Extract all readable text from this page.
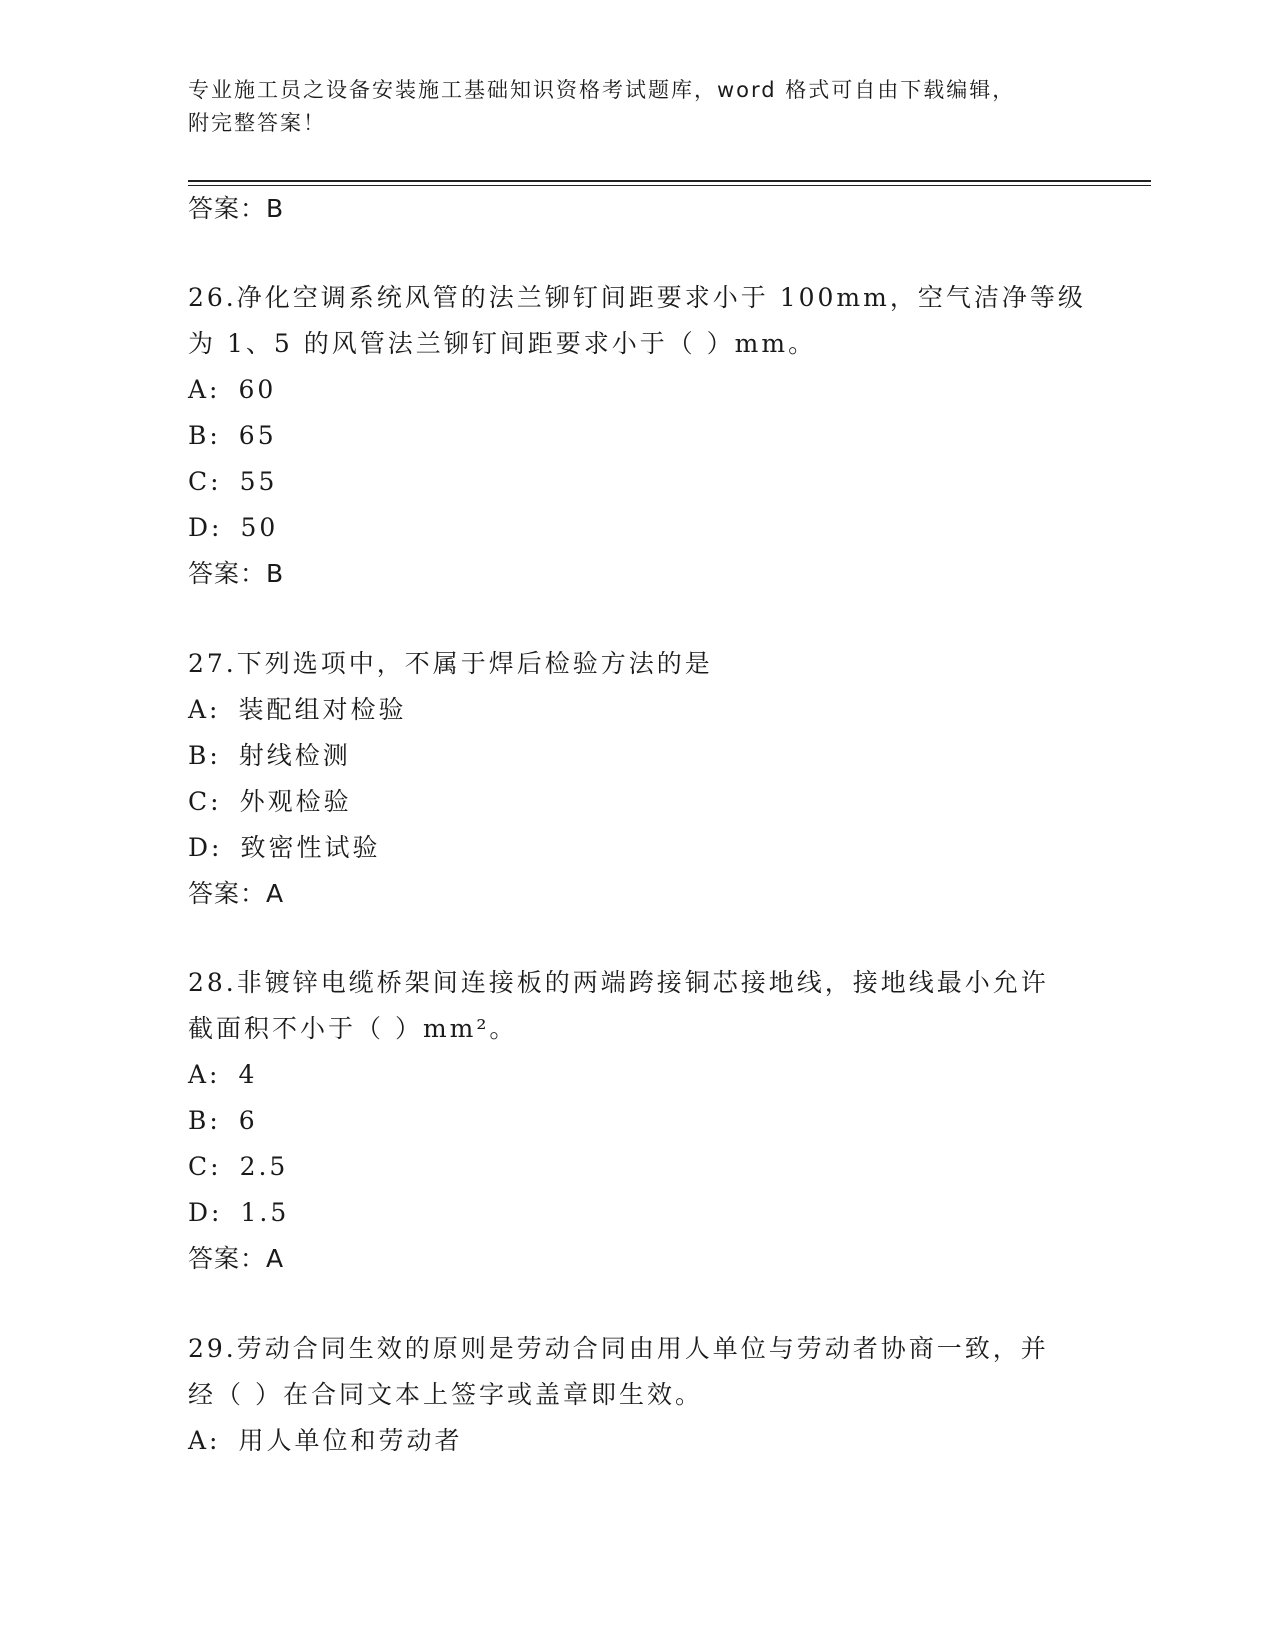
专业施工员之设备安装施工基础知识资格考试题库，word 格式可自由下载编辑，
附完整答案！
答案：B
26.净化空调系统风管的法兰铆钉间距要求小于 100mm，空气洁净等级
为 1、5 的风管法兰铆钉间距要求小于（ ）mm。
A: 60
B: 65
C: 55
D: 50
答案：B
27.下列选项中，不属于焊后检验方法的是
A: 装配组对检验
B: 射线检测
C: 外观检验
D: 致密性试验
答案：A
28.非镀锌电缆桥架间连接板的两端跨接铜芯接地线，接地线最小允许
截面积不小于（ ）mm²。
A: 4
B: 6
C: 2.5
D: 1.5
答案：A
29.劳动合同生效的原则是劳动合同由用人单位与劳动者协商一致，并
经（ ）在合同文本上签字或盖章即生效。
A: 用人单位和劳动者
